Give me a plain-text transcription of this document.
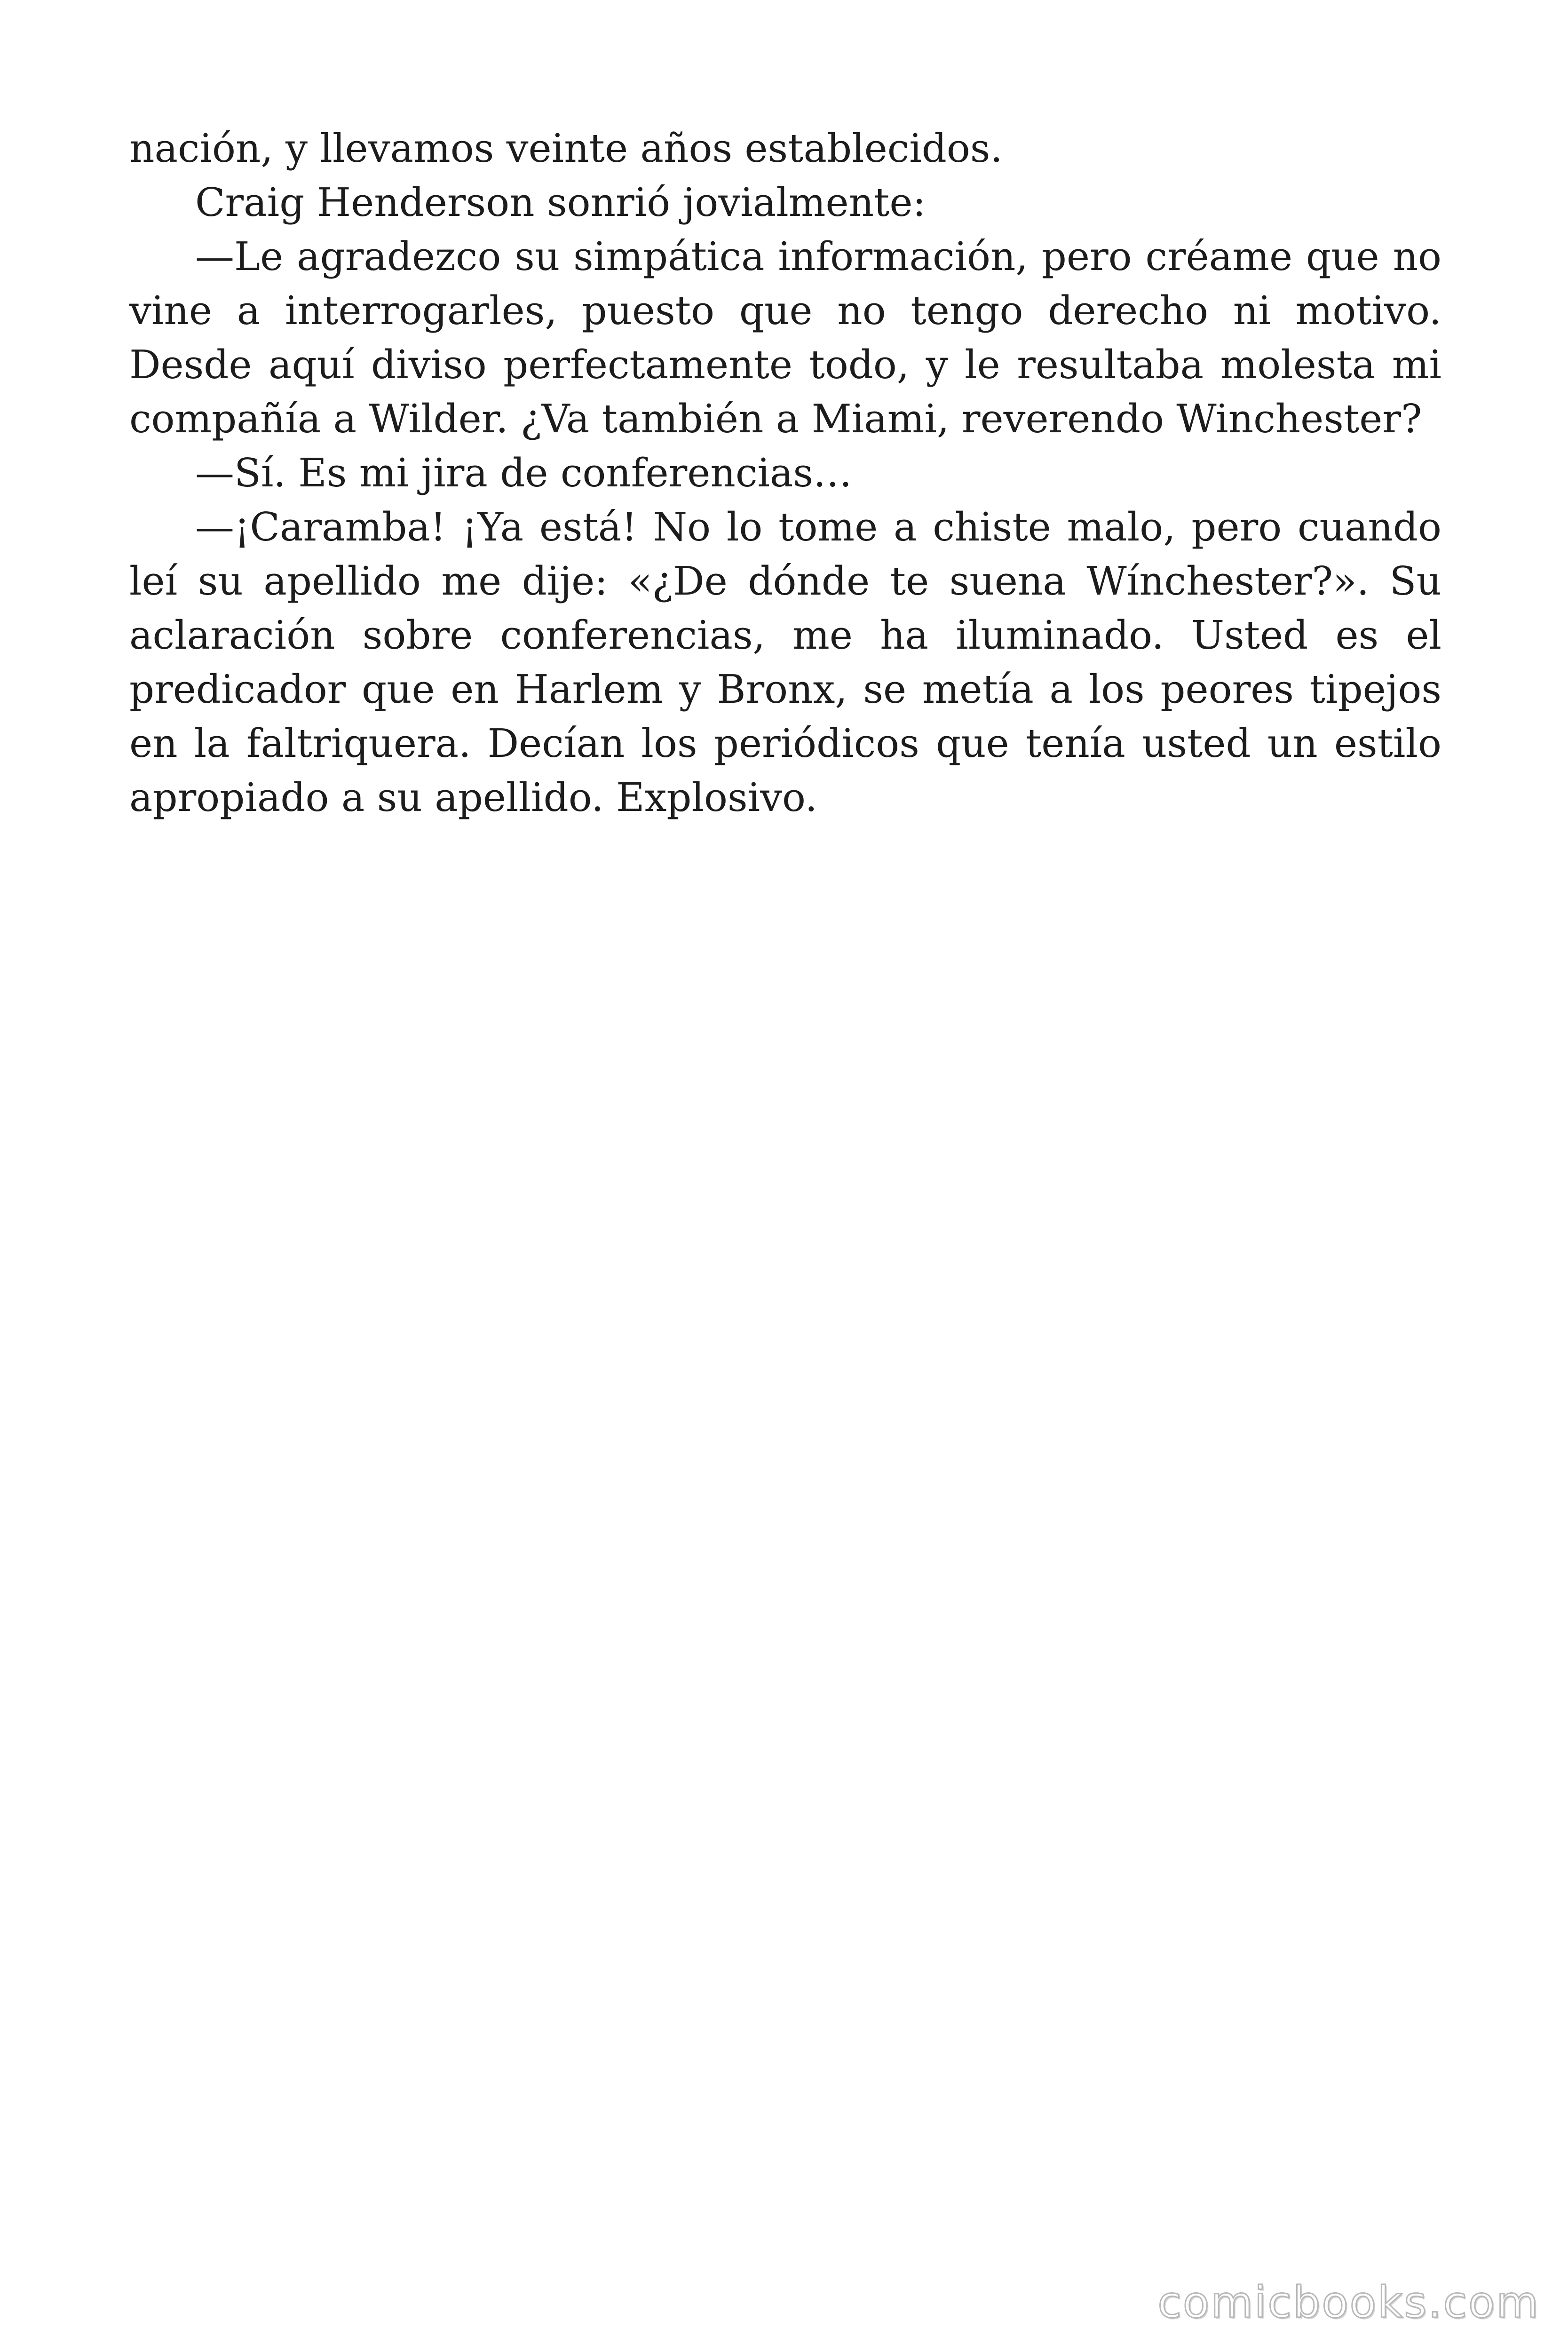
nación, y llevamos veinte años establecidos.

Craig Henderson sonrió jovialmente:

—Le agradezco su simpática información, pero créame que no vine a interrogarles, puesto que no tengo derecho ni motivo. Desde aquí diviso perfectamente todo, y le resultaba molesta mi compañía a Wilder. ¿Va también a Miami, reverendo Winchester?

—Sí. Es mi jira de conferencias…

—¡Caramba! ¡Ya está! No lo tome a chiste malo, pero cuando leí su apellido me dije: «¿De dónde te suena Wínchester?». Su aclaración sobre conferencias, me ha iluminado. Usted es el predicador que en Harlem y Bronx, se metía a los peores tipejos en la faltriquera. Decían los periódicos que tenía usted un estilo apropiado a su apellido. Explosivo.

comicbooks.com
